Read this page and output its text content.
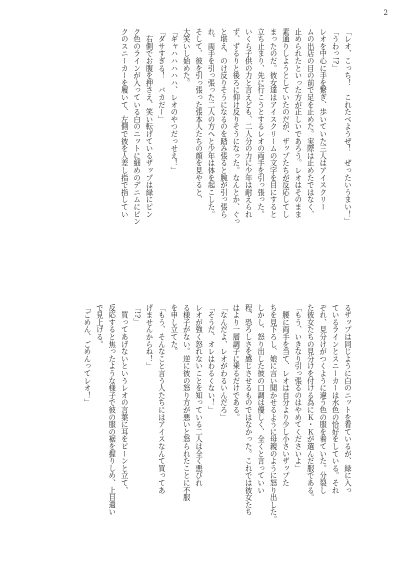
2
「レオ、こっち！　これたべようぜ！　ぜったいうまい！」
「うわっ!?」
レオを中心に手を繋ぎ、歩いていた三人はアイスクリー
ムの出店の目の前で足を止めた。実際は止めたではなく、
止められたといった方が正しいであろう。レオはそのまま
素通りしようとしていたのだが、ザップたちが反応してし
まったのだ。彼女達はアイスクリームの文字を目にすると
立ち止まり、先に行こうとするレオの両手を引っ張った。
いくら子供の力と言えども、二人分の力に少年は耐えられ
ず、ずるりと後ろに仰け反りそうになった。なんとか、ぐっ
と堪え、のけ反りそうになるのを踏み張ると腕が引っ張ら
れ、両手を引っ張った二人の方へと少年は体を起こした。
そして、彼を引っ張った張本人たちの顔を見やると、
大笑いし始めた。
「ギャハハハハハ、レオのやつだっせえ！」
「ダサすぎる！　バカだー」
　右側でお腹を押さえ、笑い転げているザップは緑にピン
ク色のラインが入っている白のニットに細めのデニムにピン
クのスニーカーを履いて、左側で彼を人差し指で指してい
るザップは同じように白のニットを着ているが、緑に入っ
ているラインとスニーカーは水色の恰好をしている。それ
ぞれ、見分けがつくように違う色の服を着ていた。分裂し
た彼女たちの見分けを付ける為にＫ・Ｋが選んだ服である。
「もう、いきなり引っ張るのはやめてくださいよ」
　腰に両手を当て、レオは自分より少し小さいザップた
ちを見下ろし、娘に言い聞かせるように母親のように怒り出した。
しかし、怒り出した彼の口調は優しく、全くと言っていい
程、恐ろしさを感じさせるものではなかった。これでは彼女たち
はより一層調子に乗るだけである。
「なんだよ、レオがわるいんだろ」
「そうだ、オレはわるくない！」
レオが強く怒れないことを知っている二人は全く悪びれ
る様子がない。逆に彼の怒り方が悪いと怒られたことに不服
を申し立てた。
「もう、そんなこと言う人たちにはアイスなんて買ってあ
げませんからね！」
「!?」
　買ってあげないというレオの言葉に耳をピーンと立て、
反応すると焦ったような様子で彼の服の裾を握りしめ、上目遣い
で見上げる。
「ごめん、ごめんってレオ！」
